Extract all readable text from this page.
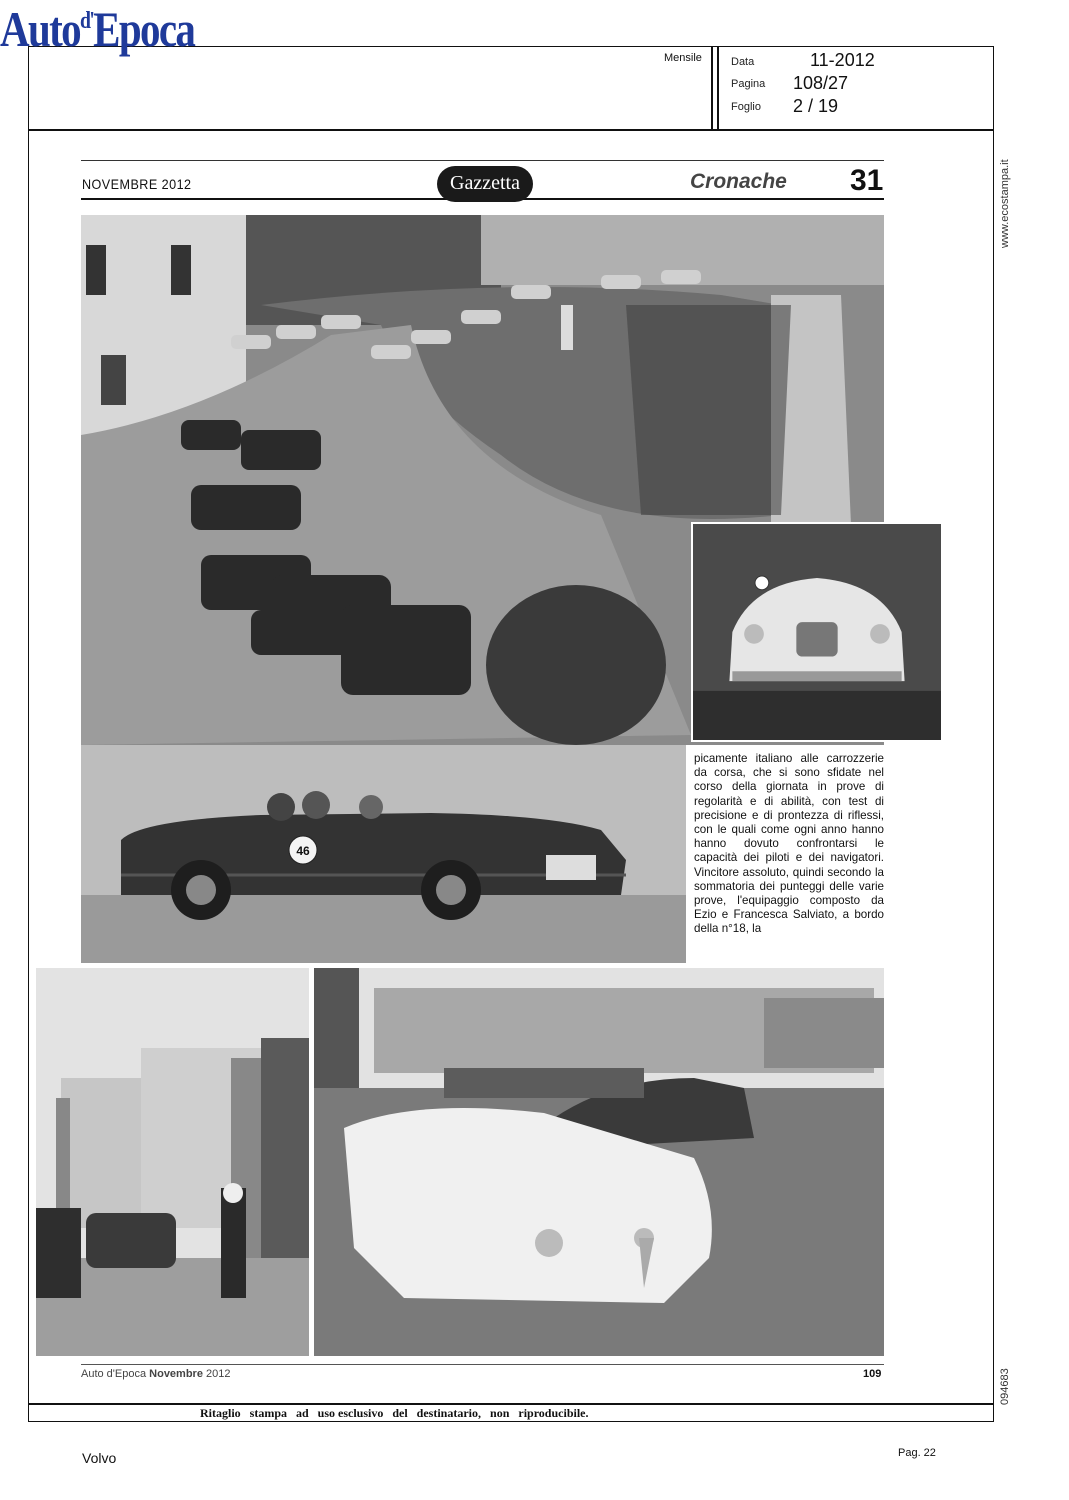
Auto$^{d'}$Epoca
Mensile	Data	11-2012
Pagina 108/27
Foglio 2 / 19
www.ecostampa.it
094683
NOVEMBRE 2012	Gazzetta	Cronache 31
46
picamente italiano alle carrozzerie da corsa, che si sono sfidate nel corso della giornata in prove di regolarità e di abilità, con test di precisione e di prontezza di riflessi, con le quali come ogni anno hanno hanno dovuto confrontarsi le capacità dei piloti e dei navigatori. Vincitore assoluto, quindi secondo la sommatoria dei punteggi delle varie prove, l'equipaggio composto da Ezio e Francesca Salviato, a bordo della n°18, la
Auto d'Epoca Novembre 2012	109
Ritaglio   stampa   ad   uso esclusivo   del   destinatario,   non   riproducibile.
Volvo	Pag. 22
